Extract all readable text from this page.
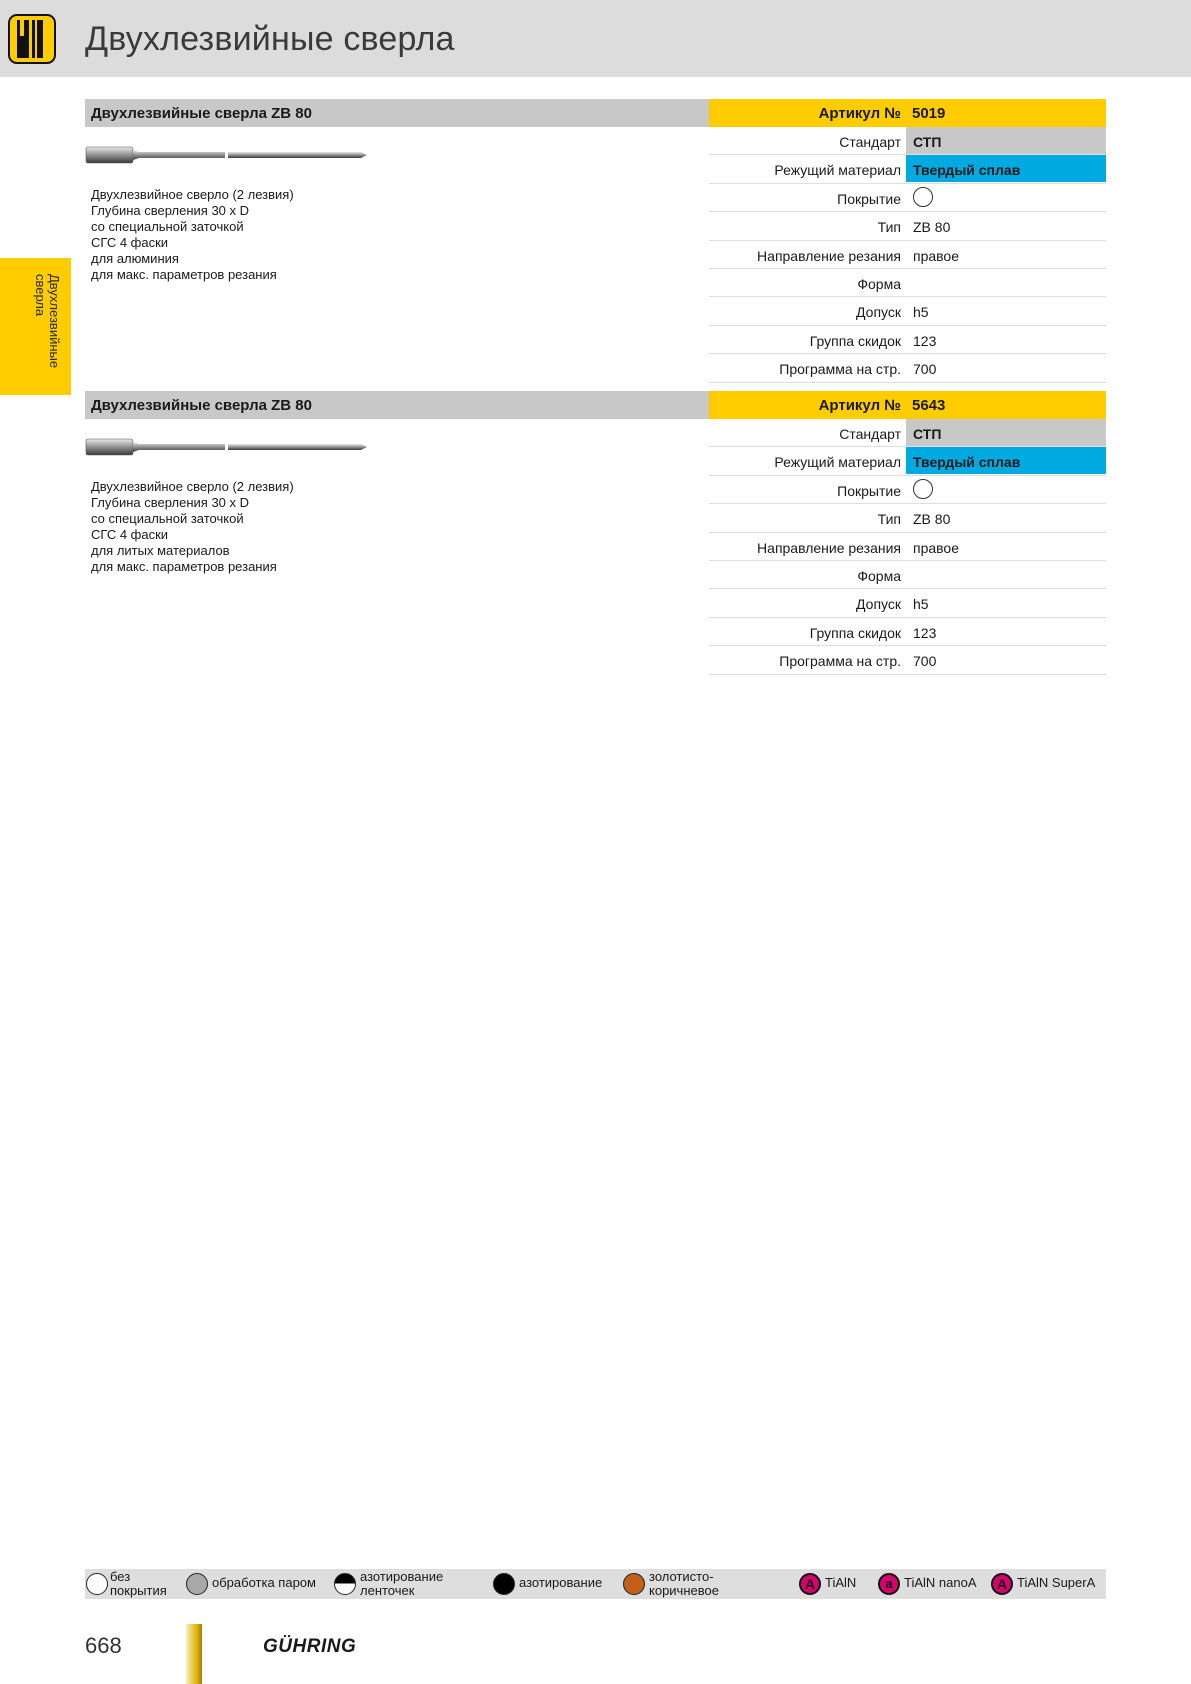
Двухлезвийные сверла
Двухлезвийные сверла
Двухлезвийные сверла ZB 80	Артикул № 5019
Двухлезвийное сверло (2 лезвия)
Глубина сверления 30 x D
со специальной заточкой
СГС 4 фаски
для алюминия
для макс. параметров резания
Стандарт СТП
Режущий материал Твердый сплав
Покрытие
Тип ZB 80
Направление резания правое
Форма
Допуск h5
Группа скидок 123
Программа на стр. 700
Двухлезвийные сверла ZB 80	Артикул № 5643
Двухлезвийное сверло (2 лезвия)
Глубина сверления 30 x D
со специальной заточкой
СГС 4 фаски
для литых материалов
для макс. параметров резания
Стандарт СТП
Режущий материал Твердый сплав
Покрытие
Тип ZB 80
Направление резания правое
Форма
Допуск h5
Группа скидок 123
Программа на стр. 700
без
покрытия
обработка паром	азотирование
ленточек
азотирование	золотисто-
коричневое	A TiAlN	a TiAlN nanoA	A TiAlN SuperA
668	GÜHRING
